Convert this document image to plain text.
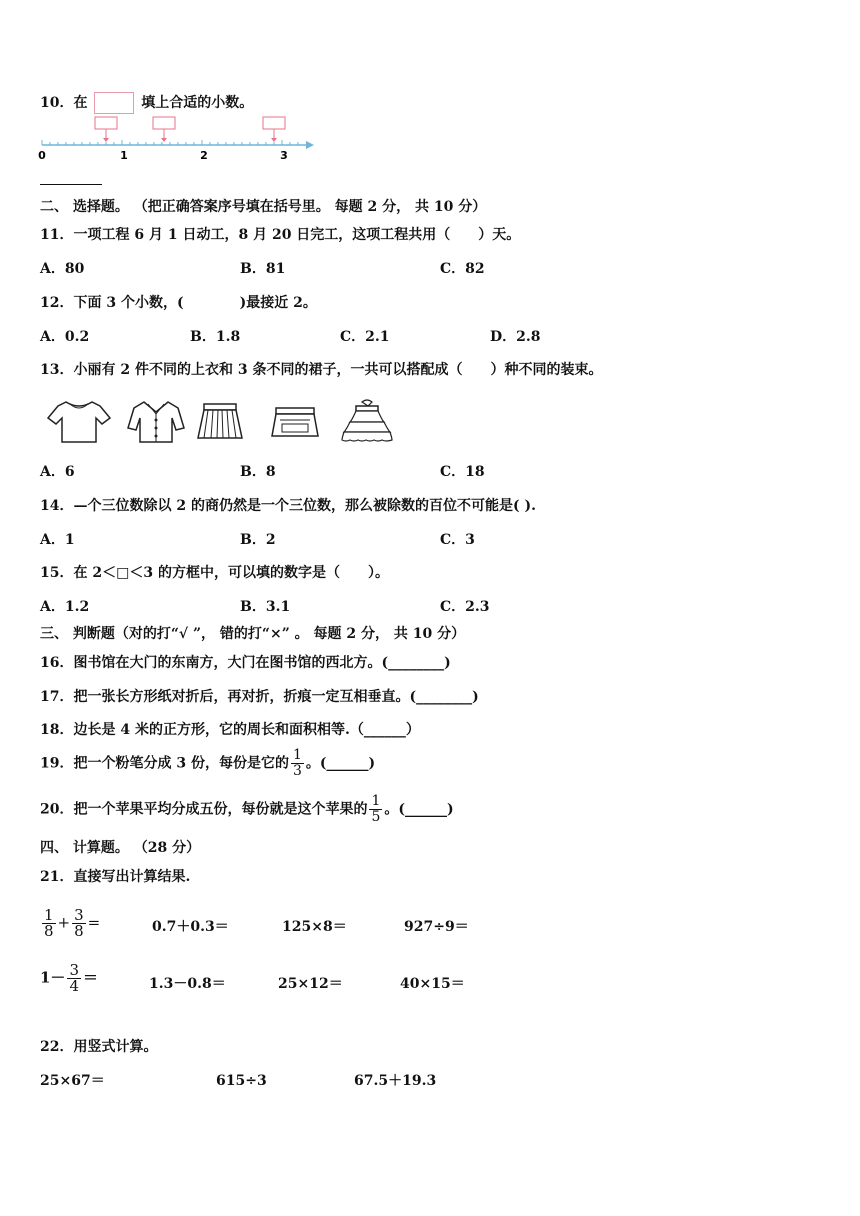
10．在	填上合适的小数。
0	1	2	3
二、 选择题。 （把正确答案序号填在括号里。 每题 2 分， 共 10 分）
11．一项工程 6 月 1 日动工，8 月 20 日完工，这项工程共用（　　）天。
A．80	B．81	C．82
12．下面 3 个小数，(　　　　)最接近 2。
A．0.2	B．1.8	C．2.1	D．2.8
13．小丽有 2 件不同的上衣和 3 条不同的裙子，一共可以搭配成（　　）种不同的装束。
A．6	B．8	C．18
14．—个三位数除以 2 的商仍然是一个三位数，那么被除数的百位不可能是( ).
A．1	B．2	C．3
15．在 2＜□＜3 的方框中，可以填的数字是（　　）。
A．1.2	B．3.1	C．2.3
三、 判断题（对的打“√ ”， 错的打“×” 。 每题 2 分， 共 10 分）
16．图书馆在大门的东南方，大门在图书馆的西北方。(________)
17．把一张长方形纸对折后，再对折，折痕一定互相垂直。(________)
18．边长是 4 米的正方形，它的周长和面积相等.（______）
19．把一个粉笔分成 3 份，每份是它的 $\frac{1}{3}$ 。(______)
20．把一个苹果平均分成五份，每份就是这个苹果的 $\frac{1}{5}$ 。(______)
四、 计算题。 （28 分）
21．直接写出计算结果.
$\frac{1}{8} + \frac{3}{8}$ =	0.7＋0.3＝	125×8＝	927÷9＝
$1- \frac{3}{4}$ ＝	1.3－0.8＝	25×12＝	40×15＝
22．用竖式计算。
25×67＝	615÷3	67.5＋19.3
